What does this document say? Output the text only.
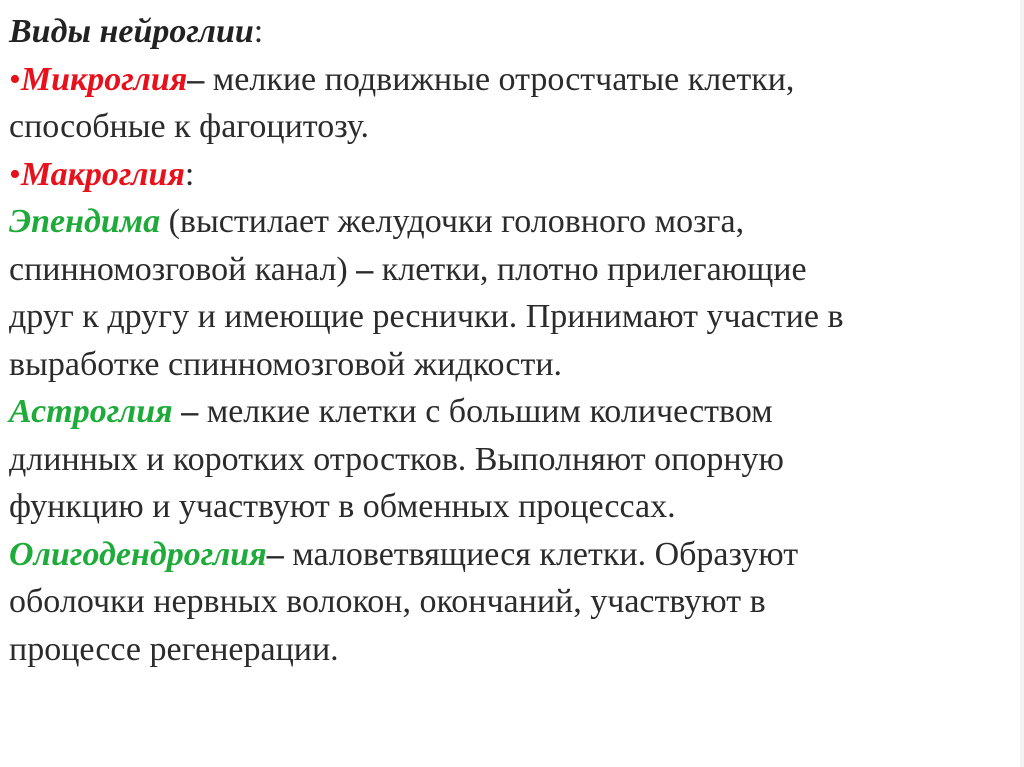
Виды нейроглии:
•Микроглия– мелкие подвижные отростчатые клетки,
способные к фагоцитозу.
•Макроглия:
Эпендима (выстилает желудочки головного мозга,
спинномозговой канал) – клетки, плотно прилегающие
друг к другу и имеющие реснички. Принимают участие в
выработке спинномозговой жидкости.
Астроглия – мелкие клетки с большим количеством
длинных и коротких отростков. Выполняют опорную
функцию и участвуют в обменных процессах.
Олигодендроглия– маловетвящиеся клетки. Образуют
оболочки нервных волокон, окончаний, участвуют в
процессе регенерации.
